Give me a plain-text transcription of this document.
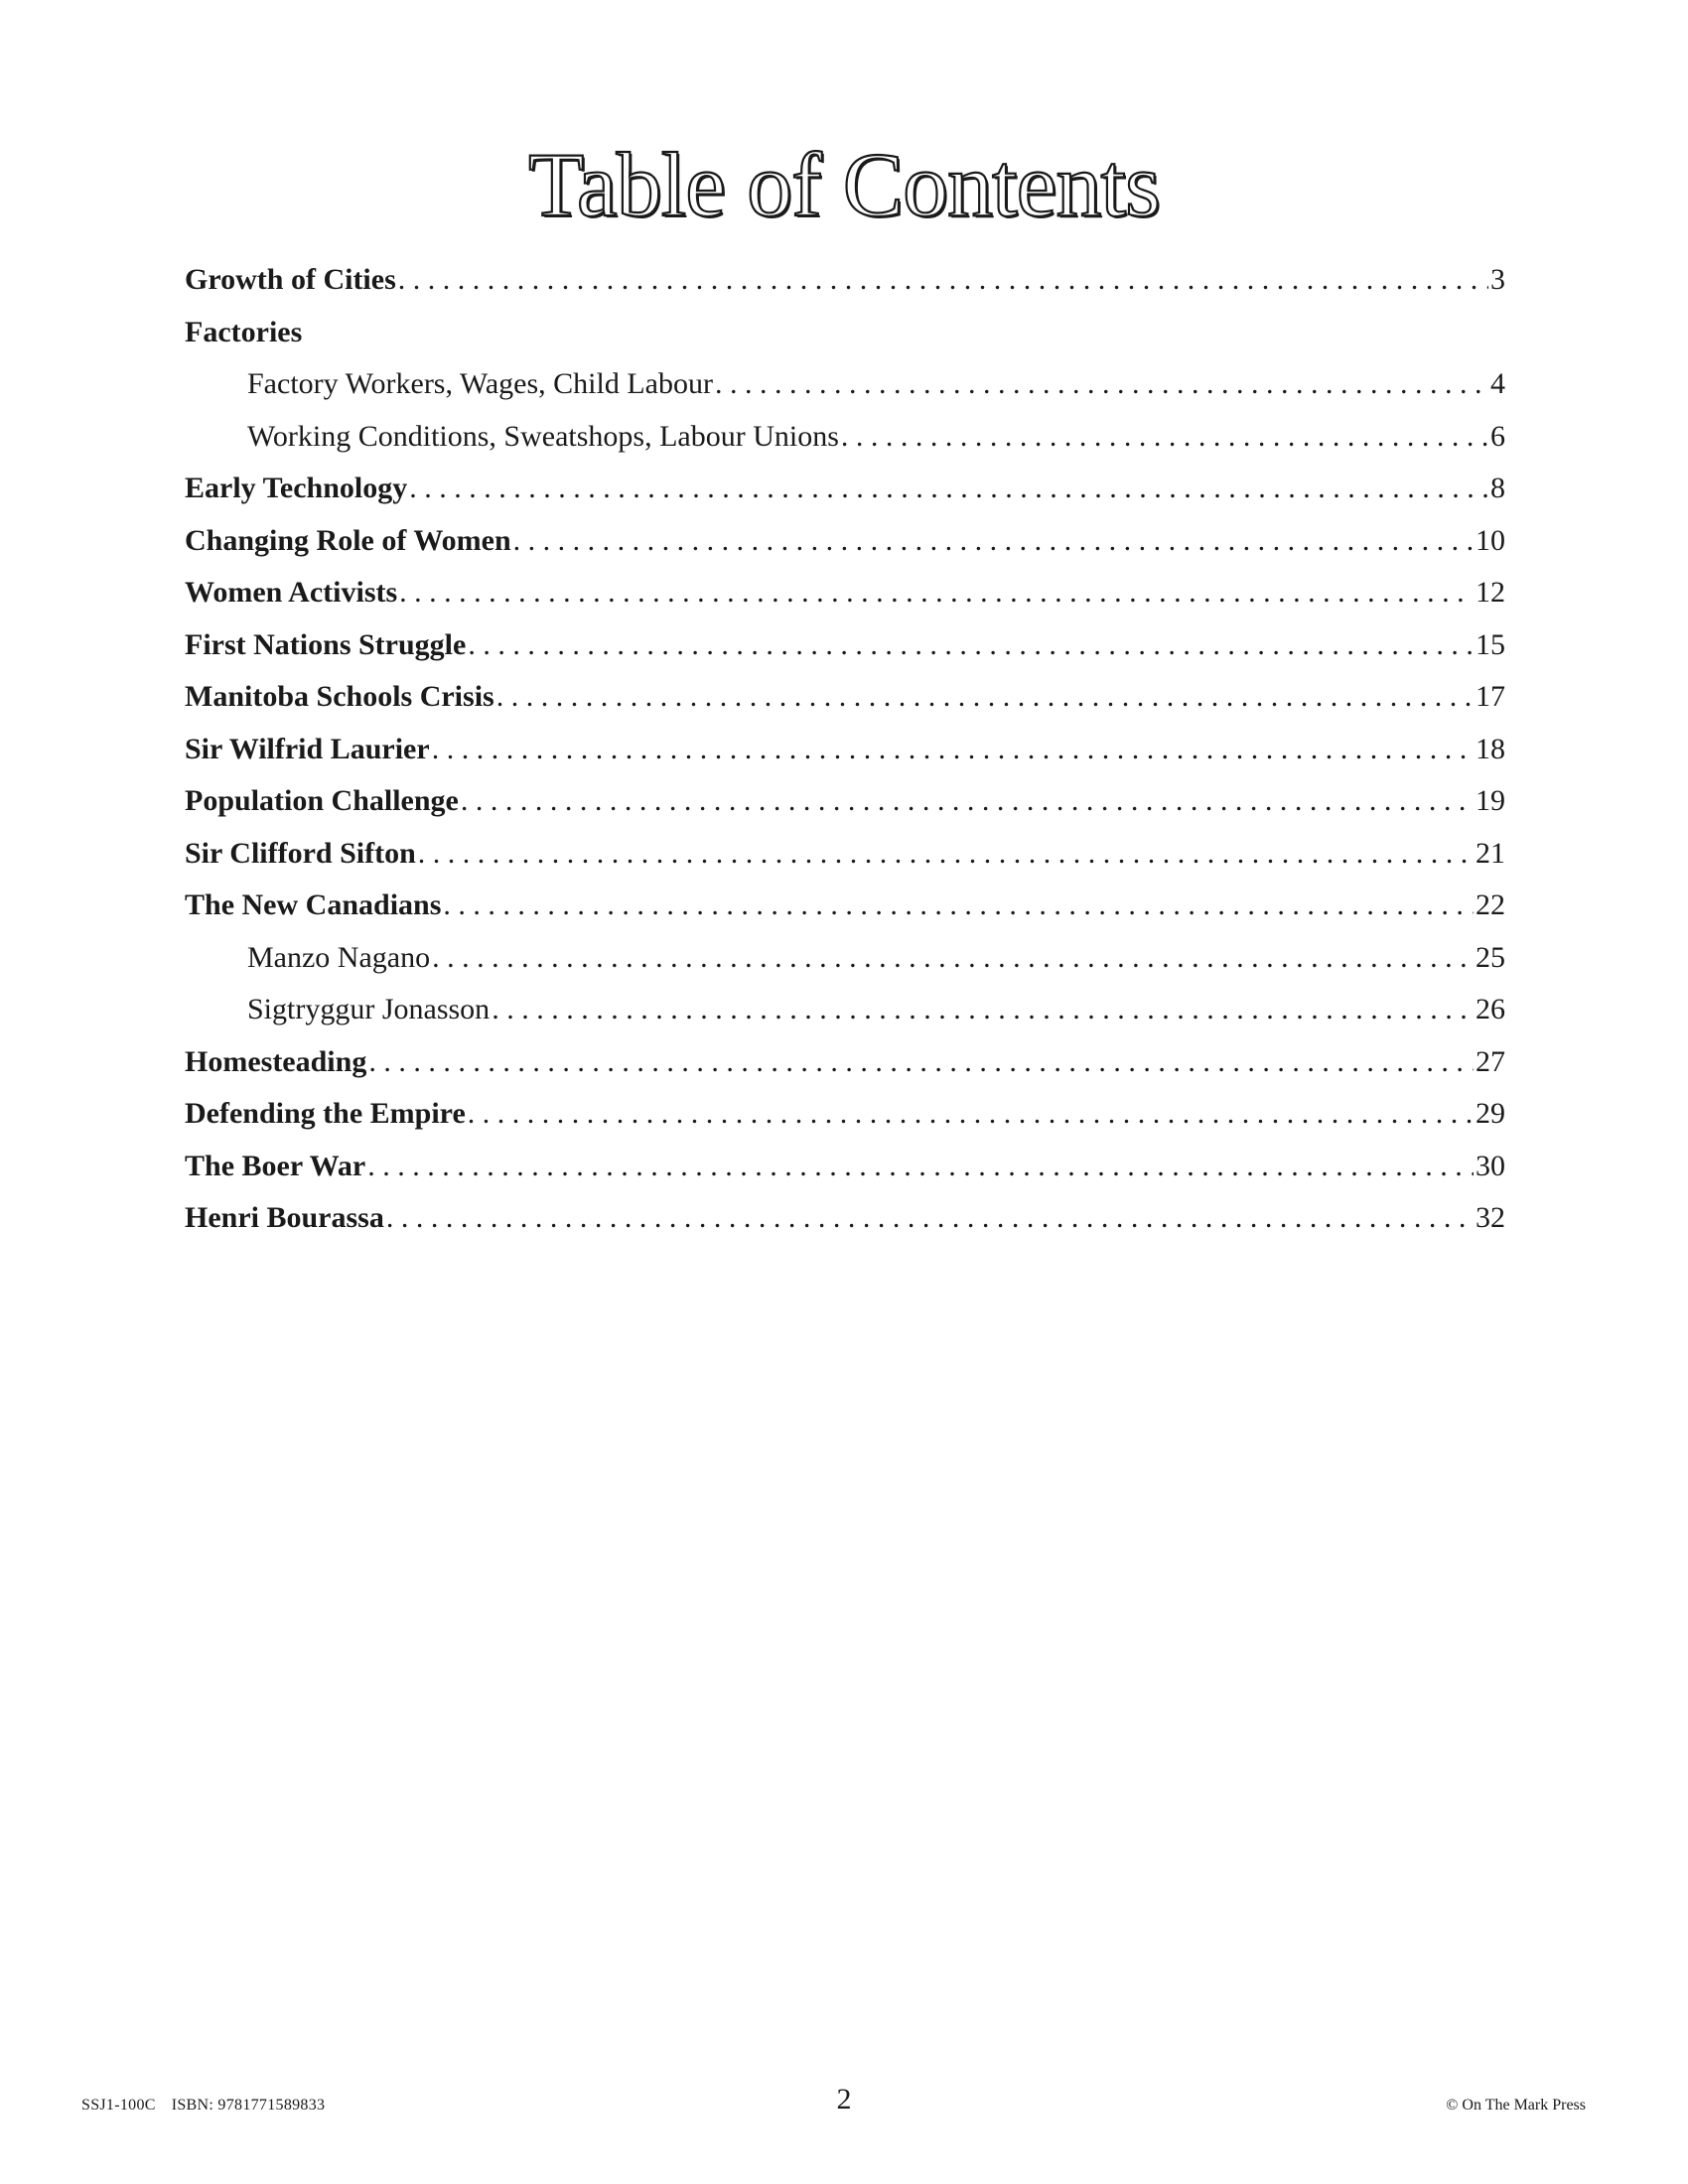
Table of Contents
Growth of Cities . . .	3
Factories
Factory Workers, Wages, Child Labour . . .	4
Working Conditions, Sweatshops, Labour Unions . . .	6
Early Technology . . .	8
Changing Role of Women . . .	10
Women Activists . . .	12
First Nations Struggle . . .	15
Manitoba Schools Crisis . . .	17
Sir Wilfrid Laurier . . .	18
Population Challenge . . .	19
Sir Clifford Sifton . . .	21
The New Canadians . . .	22
Manzo Nagano . . .	25
Sigtryggur Jonasson . . .	26
Homesteading . . .	27
Defending the Empire . . .	29
The Boer War . . .	30
Henri Bourassa . . .	32
SSJ1-100C ISBN: 9781771589833	2	© On The Mark Press
